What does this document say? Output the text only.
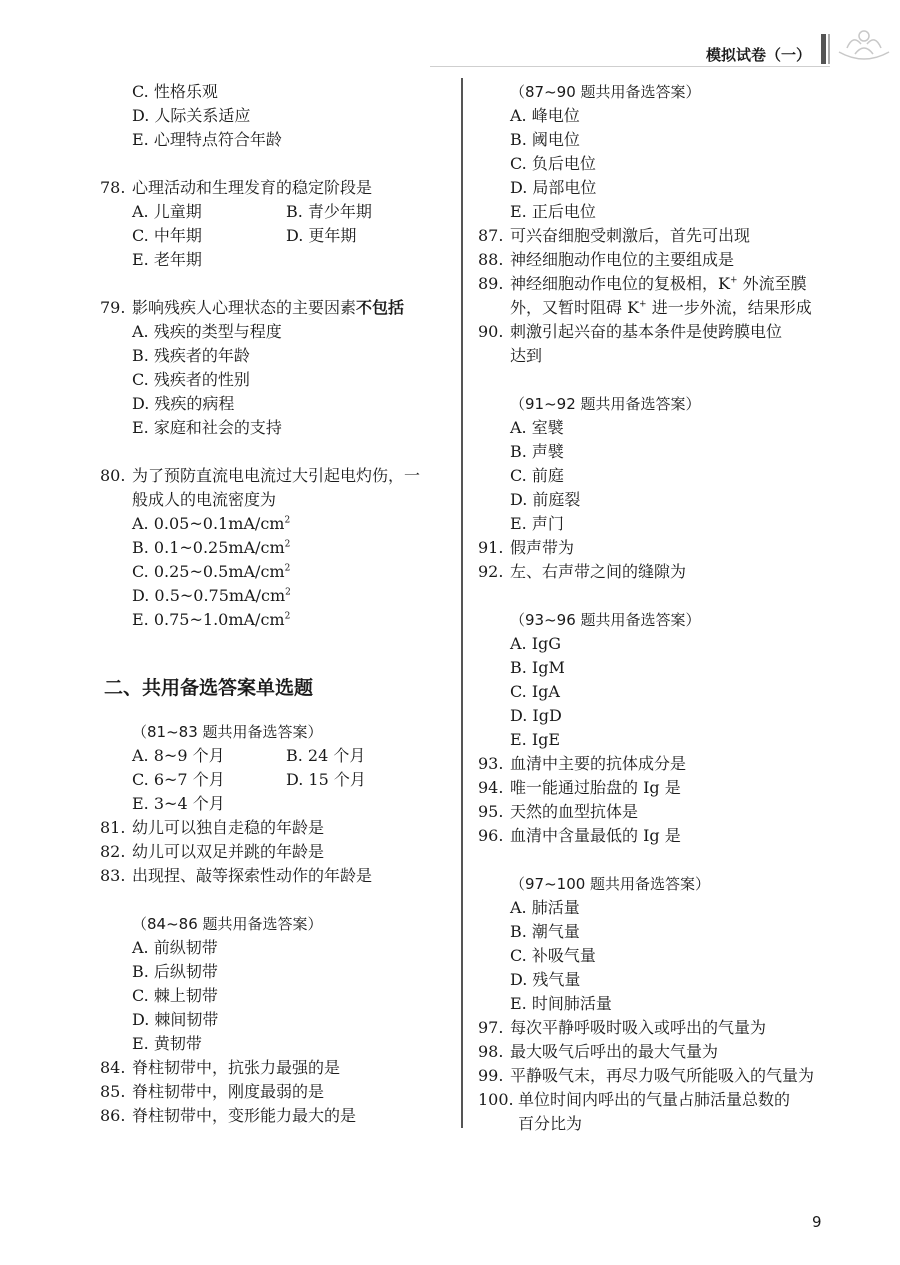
模拟试卷（一）
C. 性格乐观
D. 人际关系适应
E. 心理特点符合年龄
78. 心理活动和生理发育的稳定阶段是
A. 儿童期	B. 青少年期
C. 中年期	D. 更年期
E. 老年期
79. 影响残疾人心理状态的主要因素不包括
A. 残疾的类型与程度
B. 残疾者的年龄
C. 残疾者的性别
D. 残疾的病程
E. 家庭和社会的支持
80. 为了预防直流电电流过大引起电灼伤，一
般成人的电流密度为
A. $0.05\sim 0.1mA/cm^2$
B. $0.1\sim 0.25mA/cm^2$
C. $0.25\sim 0.5mA/cm^2$
D. $0.5\sim 0.75mA/cm^2$
E. $0.75\sim 1.0mA/cm^2$
二、共用备选答案单选题
（81~83 题共用备选答案）
A. 8~9 个月	B. 24 个月
C. 6~7 个月	D. 15 个月
E. 3~4 个月
81. 幼儿可以独自走稳的年龄是
82. 幼儿可以双足并跳的年龄是
83. 出现捏、敲等探索性动作的年龄是
（84~86 题共用备选答案）
A. 前纵韧带
B. 后纵韧带
C. 棘上韧带
D. 棘间韧带
E. 黄韧带
84. 脊柱韧带中，抗张力最强的是
85. 脊柱韧带中，刚度最弱的是
86. 脊柱韧带中，变形能力最大的是
（87~90 题共用备选答案）
A. 峰电位
B. 阈电位
C. 负后电位
D. 局部电位
E. 正后电位
87. 可兴奋细胞受刺激后，首先可出现
88. 神经细胞动作电位的主要组成是
89. 神经细胞动作电位的复极相，K+ 外流至膜
外，又暂时阻碍 K+ 进一步外流，结果形成
90. 刺激引起兴奋的基本条件是使跨膜电位
达到
（91~92 题共用备选答案）
A. 室襞
B. 声襞
C. 前庭
D. 前庭裂
E. 声门
91. 假声带为
92. 左、右声带之间的缝隙为
（93~96 题共用备选答案）
A. IgG
B. IgM
C. IgA
D. IgD
E. IgE
93. 血清中主要的抗体成分是
94. 唯一能通过胎盘的 Ig 是
95. 天然的血型抗体是
96. 血清中含量最低的 Ig 是
（97~100 题共用备选答案）
A. 肺活量
B. 潮气量
C. 补吸气量
D. 残气量
E. 时间肺活量
97. 每次平静呼吸时吸入或呼出的气量为
98. 最大吸气后呼出的最大气量为
99. 平静吸气末，再尽力吸气所能吸入的气量为
100. 单位时间内呼出的气量占肺活量总数的
百分比为
9
